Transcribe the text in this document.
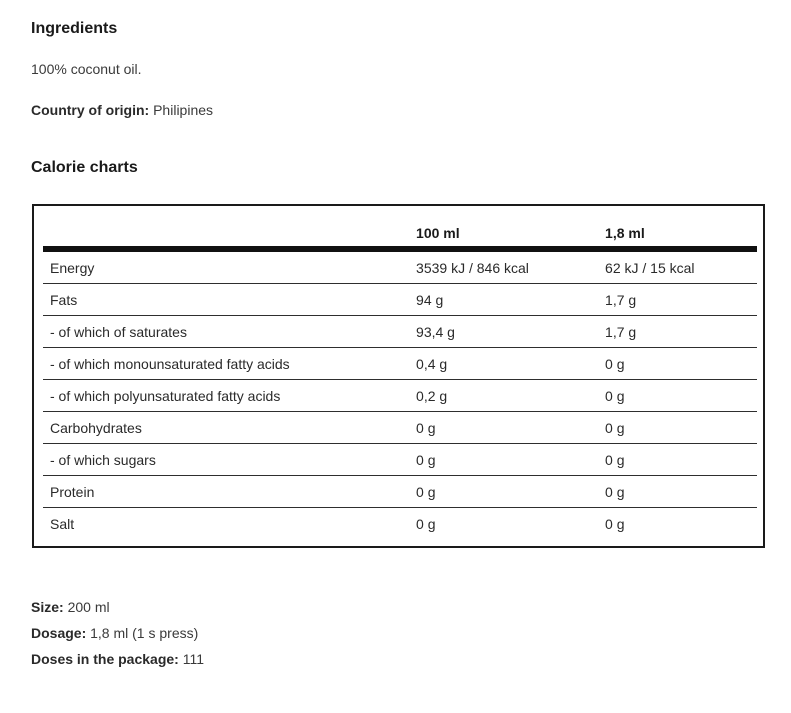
Ingredients

100% coconut oil.

Country of origin: Philipines

Calorie charts
	100 ml	1,8 ml
Energy	3539 kJ / 846 kcal	62 kJ / 15 kcal
Fats	94 g	1,7 g
- of which of saturates	93,4 g	1,7 g
- of which monounsaturated fatty acids	0,4 g	0 g
- of which polyunsaturated fatty acids	0,2 g	0 g
Carbohydrates	0 g	0 g
- of which sugars	0 g	0 g
Protein	0 g	0 g
Salt	0 g	0 g

Size: 200 ml

Dosage: 1,8 ml (1 s press)

Doses in the package: 111
